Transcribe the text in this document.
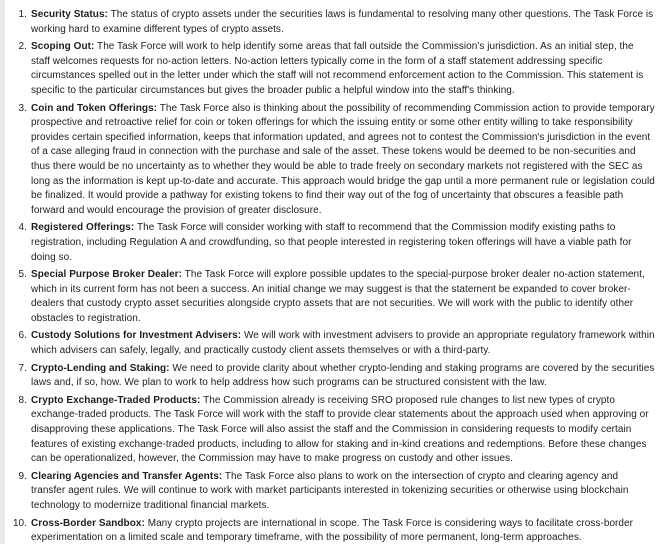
1. Security Status: The status of crypto assets under the securities laws is fundamental to resolving many other questions. The Task Force is working hard to examine different types of crypto assets.
2. Scoping Out: The Task Force will work to help identify some areas that fall outside the Commission's jurisdiction. As an initial step, the staff welcomes requests for no-action letters. No-action letters typically come in the form of a staff statement addressing specific circumstances spelled out in the letter under which the staff will not recommend enforcement action to the Commission. This statement is specific to the particular circumstances but gives the broader public a helpful window into the staff's thinking.
3. Coin and Token Offerings: The Task Force also is thinking about the possibility of recommending Commission action to provide temporary prospective and retroactive relief for coin or token offerings for which the issuing entity or some other entity willing to take responsibility provides certain specified information, keeps that information updated, and agrees not to contest the Commission's jurisdiction in the event of a case alleging fraud in connection with the purchase and sale of the asset. These tokens would be deemed to be non-securities and thus there would be no uncertainty as to whether they would be able to trade freely on secondary markets not registered with the SEC as long as the information is kept up-to-date and accurate. This approach would bridge the gap until a more permanent rule or legislation could be finalized. It would provide a pathway for existing tokens to find their way out of the fog of uncertainty that obscures a feasible path forward and would encourage the provision of greater disclosure.
4. Registered Offerings: The Task Force will consider working with staff to recommend that the Commission modify existing paths to registration, including Regulation A and crowdfunding, so that people interested in registering token offerings will have a viable path for doing so.
5. Special Purpose Broker Dealer: The Task Force will explore possible updates to the special-purpose broker dealer no-action statement, which in its current form has not been a success. An initial change we may suggest is that the statement be expanded to cover broker-dealers that custody crypto asset securities alongside crypto assets that are not securities. We will work with the public to identify other obstacles to registration.
6. Custody Solutions for Investment Advisers: We will work with investment advisers to provide an appropriate regulatory framework within which advisers can safely, legally, and practically custody client assets themselves or with a third-party.
7. Crypto-Lending and Staking: We need to provide clarity about whether crypto-lending and staking programs are covered by the securities laws and, if so, how. We plan to work to help address how such programs can be structured consistent with the law.
8. Crypto Exchange-Traded Products: The Commission already is receiving SRO proposed rule changes to list new types of crypto exchange-traded products. The Task Force will work with the staff to provide clear statements about the approach used when approving or disapproving these applications. The Task Force will also assist the staff and the Commission in considering requests to modify certain features of existing exchange-traded products, including to allow for staking and in-kind creations and redemptions. Before these changes can be operationalized, however, the Commission may have to make progress on custody and other issues.
9. Clearing Agencies and Transfer Agents: The Task Force also plans to work on the intersection of crypto and clearing agency and transfer agent rules. We will continue to work with market participants interested in tokenizing securities or otherwise using blockchain technology to modernize traditional financial markets.
10. Cross-Border Sandbox: Many crypto projects are international in scope. The Task Force is considering ways to facilitate cross-border experimentation on a limited scale and temporary timeframe, with the possibility of more permanent, long-term approaches.
